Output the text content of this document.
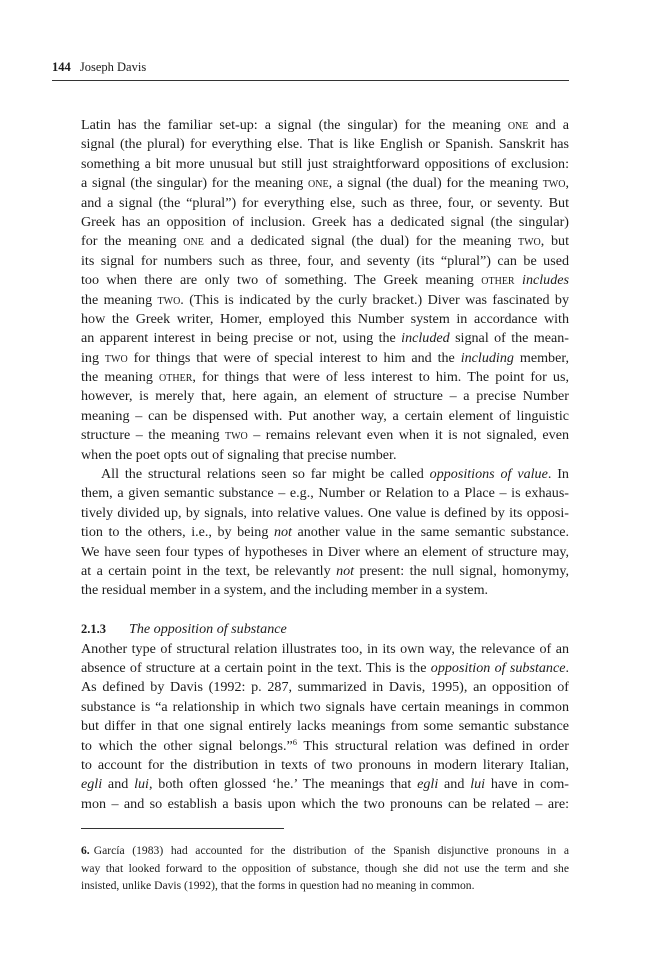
144 Joseph Davis
Latin has the familiar set-up: a signal (the singular) for the meaning one and a
signal (the plural) for everything else. That is like English or Spanish. Sanskrit has
something a bit more unusual but still just straightforward oppositions of exclusion:
a signal (the singular) for the meaning one, a signal (the dual) for the meaning two,
and a signal (the “plural”) for everything else, such as three, four, or seventy. But
Greek has an opposition of inclusion. Greek has a dedicated signal (the singular)
for the meaning one and a dedicated signal (the dual) for the meaning two, but
its signal for numbers such as three, four, and seventy (its “plural”) can be used
too when there are only two of something. The Greek meaning other includes
the meaning two. (This is indicated by the curly bracket.) Diver was fascinated by
how the Greek writer, Homer, employed this Number system in accordance with
an apparent interest in being precise or not, using the included signal of the mean-
ing two for things that were of special interest to him and the including member,
the meaning other, for things that were of less interest to him. The point for us,
however, is merely that, here again, an element of structure – a precise Number
meaning – can be dispensed with. Put another way, a certain element of linguistic
structure – the meaning two – remains relevant even when it is not signaled, even
when the poet opts out of signaling that precise number.
All the structural relations seen so far might be called oppositions of value. In
them, a given semantic substance – e.g., Number or Relation to a Place – is exhaus-
tively divided up, by signals, into relative values. One value is defined by its opposi-
tion to the others, i.e., by being not another value in the same semantic substance.
We have seen four types of hypotheses in Diver where an element of structure may,
at a certain point in the text, be relevantly not present: the null signal, homonymy,
the residual member in a system, and the including member in a system.
2.1.3 The opposition of substance
Another type of structural relation illustrates too, in its own way, the relevance of an
absence of structure at a certain point in the text. This is the opposition of substance.
As defined by Davis (1992: p. 287, summarized in Davis, 1995), an opposition of
substance is “a relationship in which two signals have certain meanings in common
but differ in that one signal entirely lacks meanings from some semantic substance
to which the other signal belongs.”$^6$ This structural relation was defined in order
to account for the distribution in texts of two pronouns in modern literary Italian,
egli and lui, both often glossed ‘he.’ The meanings that egli and lui have in com-
mon – and so establish a basis upon which the two pronouns can be related – are:
6. García (1983) had accounted for the distribution of the Spanish disjunctive pronouns in a
way that looked forward to the opposition of substance, though she did not use the term and she
insisted, unlike Davis (1992), that the forms in question had no meaning in common.
